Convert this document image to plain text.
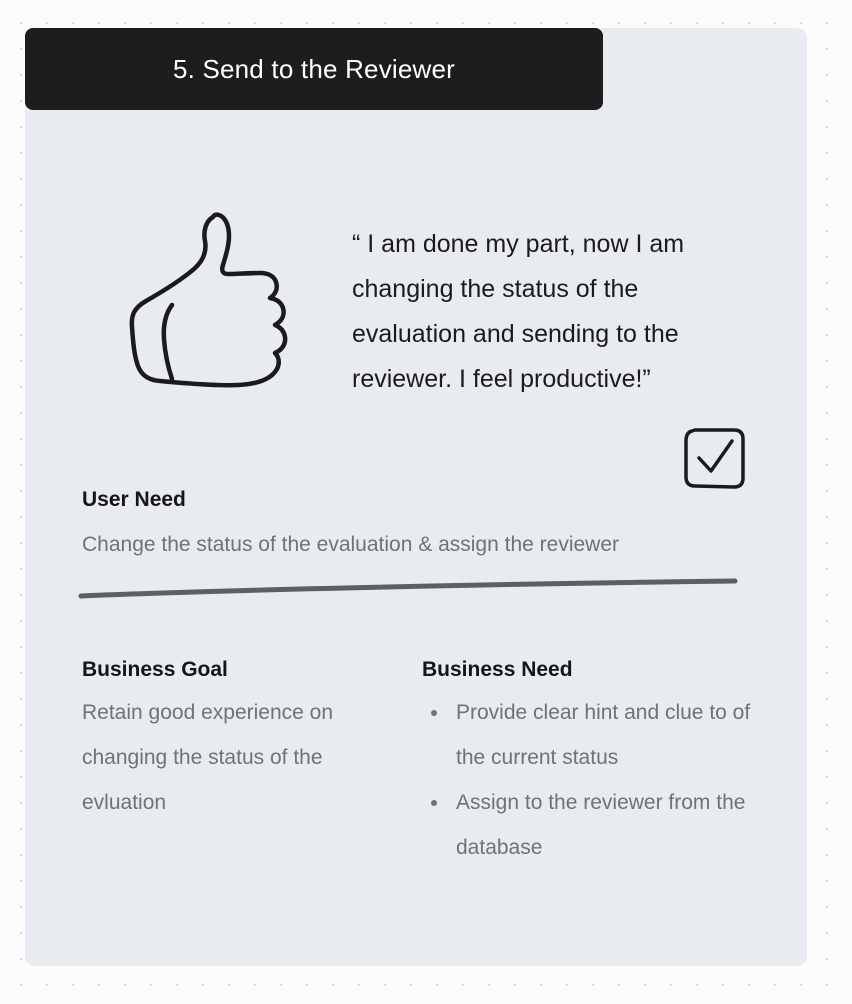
5. Send to the Reviewer
“ I am done my part, now I am changing the status of the evaluation and sending to the reviewer. I feel productive!”
User Need
Change the status of the evaluation & assign the reviewer
Business Goal
Retain good experience on changing the status of the evluation
Business Need
• Provide clear hint and clue to of the current status
• Assign to the reviewer from the database
